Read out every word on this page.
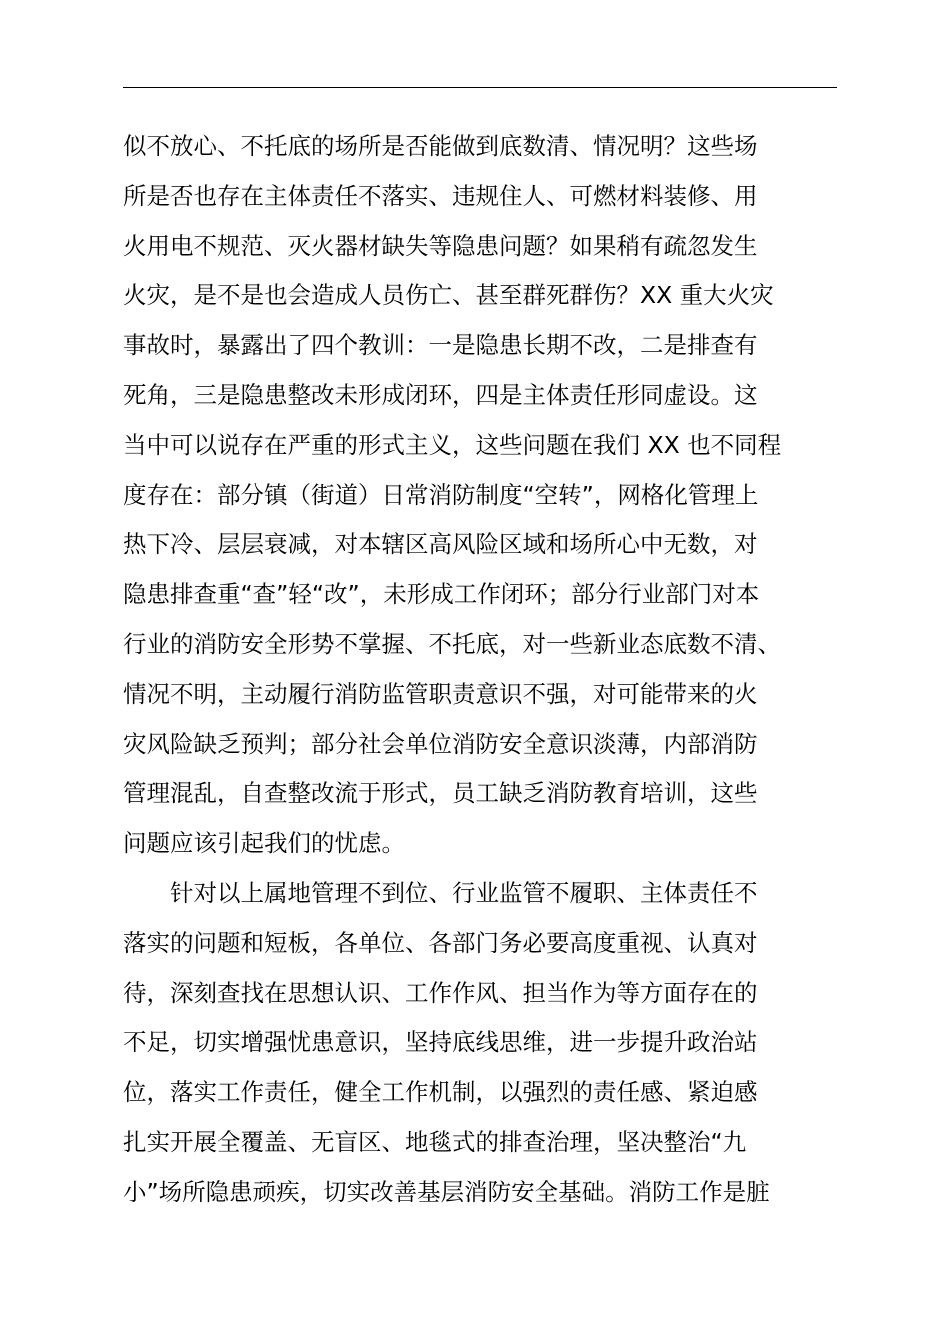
似不放心、不托底的场所是否能做到底数清、情况明？这些场
所是否也存在主体责任不落实、违规住人、可燃材料装修、用
火用电不规范、灭火器材缺失等隐患问题？如果稍有疏忽发生
火灾，是不是也会造成人员伤亡、甚至群死群伤？XX 重大火灾
事故时，暴露出了四个教训：一是隐患长期不改，二是排查有
死角，三是隐患整改未形成闭环，四是主体责任形同虚设。这
当中可以说存在严重的形式主义，这些问题在我们 XX 也不同程
度存在：部分镇（街道）日常消防制度“空转”，网格化管理上
热下冷、层层衰减，对本辖区高风险区域和场所心中无数，对
隐患排查重“查”轻“改”，未形成工作闭环；部分行业部门对本
行业的消防安全形势不掌握、不托底，对一些新业态底数不清、
情况不明，主动履行消防监管职责意识不强，对可能带来的火
灾风险缺乏预判；部分社会单位消防安全意识淡薄，内部消防
管理混乱，自查整改流于形式，员工缺乏消防教育培训，这些
问题应该引起我们的忧虑。
针对以上属地管理不到位、行业监管不履职、主体责任不
落实的问题和短板，各单位、各部门务必要高度重视、认真对
待，深刻查找在思想认识、工作作风、担当作为等方面存在的
不足，切实增强忧患意识，坚持底线思维，进一步提升政治站
位，落实工作责任，健全工作机制，以强烈的责任感、紧迫感
扎实开展全覆盖、无盲区、地毯式的排查治理，坚决整治“九
小”场所隐患顽疾，切实改善基层消防安全基础。消防工作是脏
